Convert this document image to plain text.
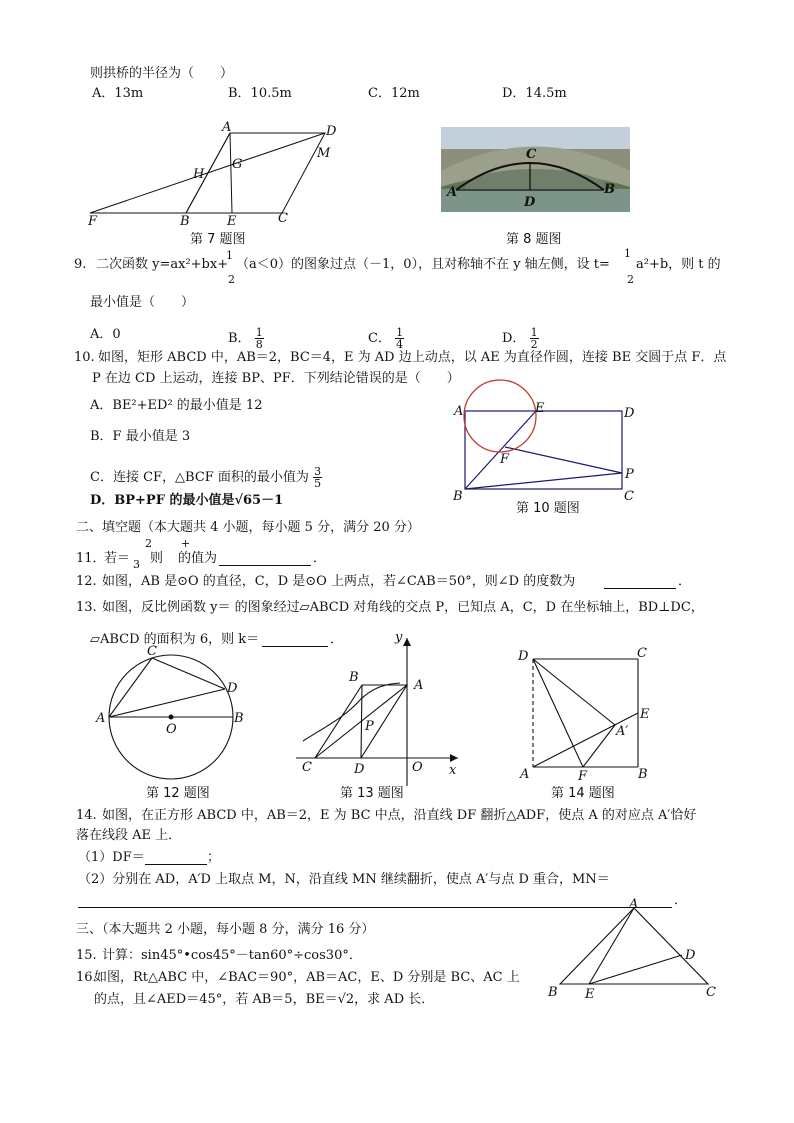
则拱桥的半径为（　　）
A．13m	B．10.5m	C．12m	D．14.5m
A	D
M
H
G
F	B	E	C
第 7 题图
C
A	B
D
第 8 题图
9. 二次函数 y=ax²+bx+
1
2
（a＜0）的图象过点（－1，0），且对称轴不在 y 轴左侧，设 t=
1
2
a²+b，则 t 的
最小值是（　　）
A．0	B． $\frac{1}{8}$	C． $\frac{1}{4}$	D． $\frac{1}{2}$
10. 如图，矩形 ABCD 中，AB＝2，BC＝4，E 为 AD 边上动点，以 AE 为直径作圆，连接 BE 交圆于点 F．点
P 在边 CD 上运动，连接 BP、PF．下列结论错误的是（　　）
A．BE²+ED² 的最小值是 12
B．F 最小值是 3
C．连接 CF，△BCF 面积的最小值为 $\frac{3}{5}$
D．BP+PF 的最小值是√65－1
A	E	D
F
P
B	C
第 10 题图
二、填空题（本大题共 4 小题，每小题 5 分，满分 20 分）
11．
若＝ 3
2
则
+
的值为	．
12. 如图，AB 是⊙O 的直径，C，D 是⊙O 上两点，若∠CAB＝50°，则∠D 的度数为	．
13. 如图，反比例函数 y＝ 的图象经过▱ABCD 对角线的交点 P，已知点 A，C，D 在坐标轴上，BD⊥DC，
▱ABCD 的面积为 6，则 k＝	．
A	B
C
D
O
第 12 题图
y
x
A
B
C	D	O
P
第 13 题图
D	C
E
A′
A	F	B
第 14 题图
14. 如图，在正方形 ABCD 中，AB＝2，E 为 BC 中点，沿直线 DF 翻折△ADF，使点 A 的对应点 A′恰好
落在线段 AE 上．
（1）DF＝	；
（2）分别在 AD，A′D 上取点 M，N，沿直线 MN 继续翻折，使点 A′与点 D 重合，MN＝
．
三、（本大题共 2 小题，每小题 8 分，满分 16 分）
15. 计算：sin45°•cos45°－tan60°÷cos30°．
16.
如图，Rt△ABC 中，∠BAC＝90°，AB＝AC，E、D 分别是 BC、AC 上
的点，且∠AED＝45°，若 AB＝5，BE＝√2，求 AD 长．
A
B	C
D
E
